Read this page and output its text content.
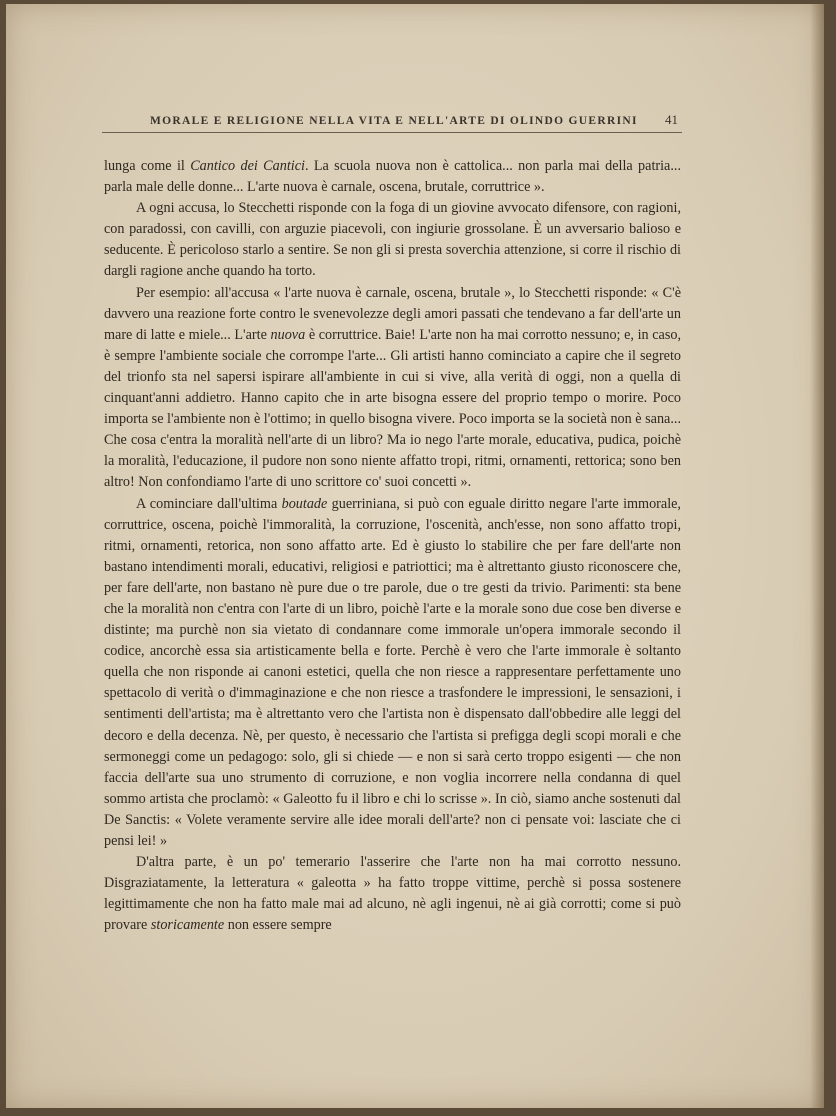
MORALE E RELIGIONE NELLA VITA E NELL'ARTE DI OLINDO GUERRINI 41

lunga come il Cantico dei Cantici. La scuola nuova non è cattolica... non parla mai della patria... parla male delle donne... L'arte nuova è carnale, oscena, brutale, corruttrice ».

A ogni accusa, lo Stecchetti risponde con la foga di un giovine avvocato difensore, con ragioni, con paradossi, con cavilli, con arguzie piacevoli, con ingiurie grossolane. È un avversario balioso e seducente. È pericoloso starlo a sentire. Se non gli si presta soverchia attenzione, si corre il rischio di dargli ragione anche quando ha torto.

Per esempio: all'accusa « l'arte nuova è carnale, oscena, brutale », lo Stecchetti risponde: « C'è davvero una reazione forte contro le svenevolezze degli amori passati che tendevano a far dell'arte un mare di latte e miele... L'arte nuova è corruttrice. Baie! L'arte non ha mai corrotto nessuno; e, in caso, è sempre l'ambiente sociale che corrompe l'arte... Gli artisti hanno cominciato a capire che il segreto del trionfo sta nel sapersi ispirare all'ambiente in cui si vive, alla verità di oggi, non a quella di cinquant'anni addietro. Hanno capito che in arte bisogna essere del proprio tempo o morire. Poco importa se l'ambiente non è l'ottimo; in quello bisogna vivere. Poco importa se la società non è sana... Che cosa c'entra la moralità nell'arte di un libro? Ma io nego l'arte morale, educativa, pudica, poichè la moralità, l'educazione, il pudore non sono niente affatto tropi, ritmi, ornamenti, rettorica; sono ben altro! Non confondiamo l'arte di uno scrittore co' suoi concetti ».

A cominciare dall'ultima boutade guerriniana, si può con eguale diritto negare l'arte immorale, corruttrice, oscena, poichè l'immoralità, la corruzione, l'oscenità, anch'esse, non sono affatto tropi, ritmi, ornamenti, retorica, non sono affatto arte. Ed è giusto lo stabilire che per fare dell'arte non bastano intendimenti morali, educativi, religiosi e patriottici; ma è altrettanto giusto riconoscere che, per fare dell'arte, non bastano nè pure due o tre parole, due o tre gesti da trivio. Parimenti: sta bene che la moralità non c'entra con l'arte di un libro, poichè l'arte e la morale sono due cose ben diverse e distinte; ma purchè non sia vietato di condannare come immorale un'opera immorale secondo il codice, ancorchè essa sia artisticamente bella e forte. Perchè è vero che l'arte immorale è soltanto quella che non risponde ai canoni estetici, quella che non riesce a rappresentare perfettamente uno spettacolo di verità o d'immaginazione e che non riesce a trasfondere le impressioni, le sensazioni, i sentimenti dell'artista; ma è altrettanto vero che l'artista non è dispensato dall'obbedire alle leggi del decoro e della decenza. Nè, per questo, è necessario che l'artista si prefigga degli scopi morali e che sermoneggi come un pedagogo: solo, gli si chiede — e non si sarà certo troppo esigenti — che non faccia dell'arte sua uno strumento di corruzione, e non voglia incorrere nella condanna di quel sommo artista che proclamò: « Galeotto fu il libro e chi lo scrisse ». In ciò, siamo anche sostenuti dal De Sanctis: « Volete veramente servire alle idee morali dell'arte? non ci pensate voi: lasciate che ci pensi lei! »

D'altra parte, è un po' temerario l'asserire che l'arte non ha mai corrotto nessuno. Disgraziatamente, la letteratura « galeotta » ha fatto troppe vittime, perchè si possa sostenere legittimamente che non ha fatto male mai ad alcuno, nè agli ingenui, nè ai già corrotti; come si può provare storicamente non essere sempre
